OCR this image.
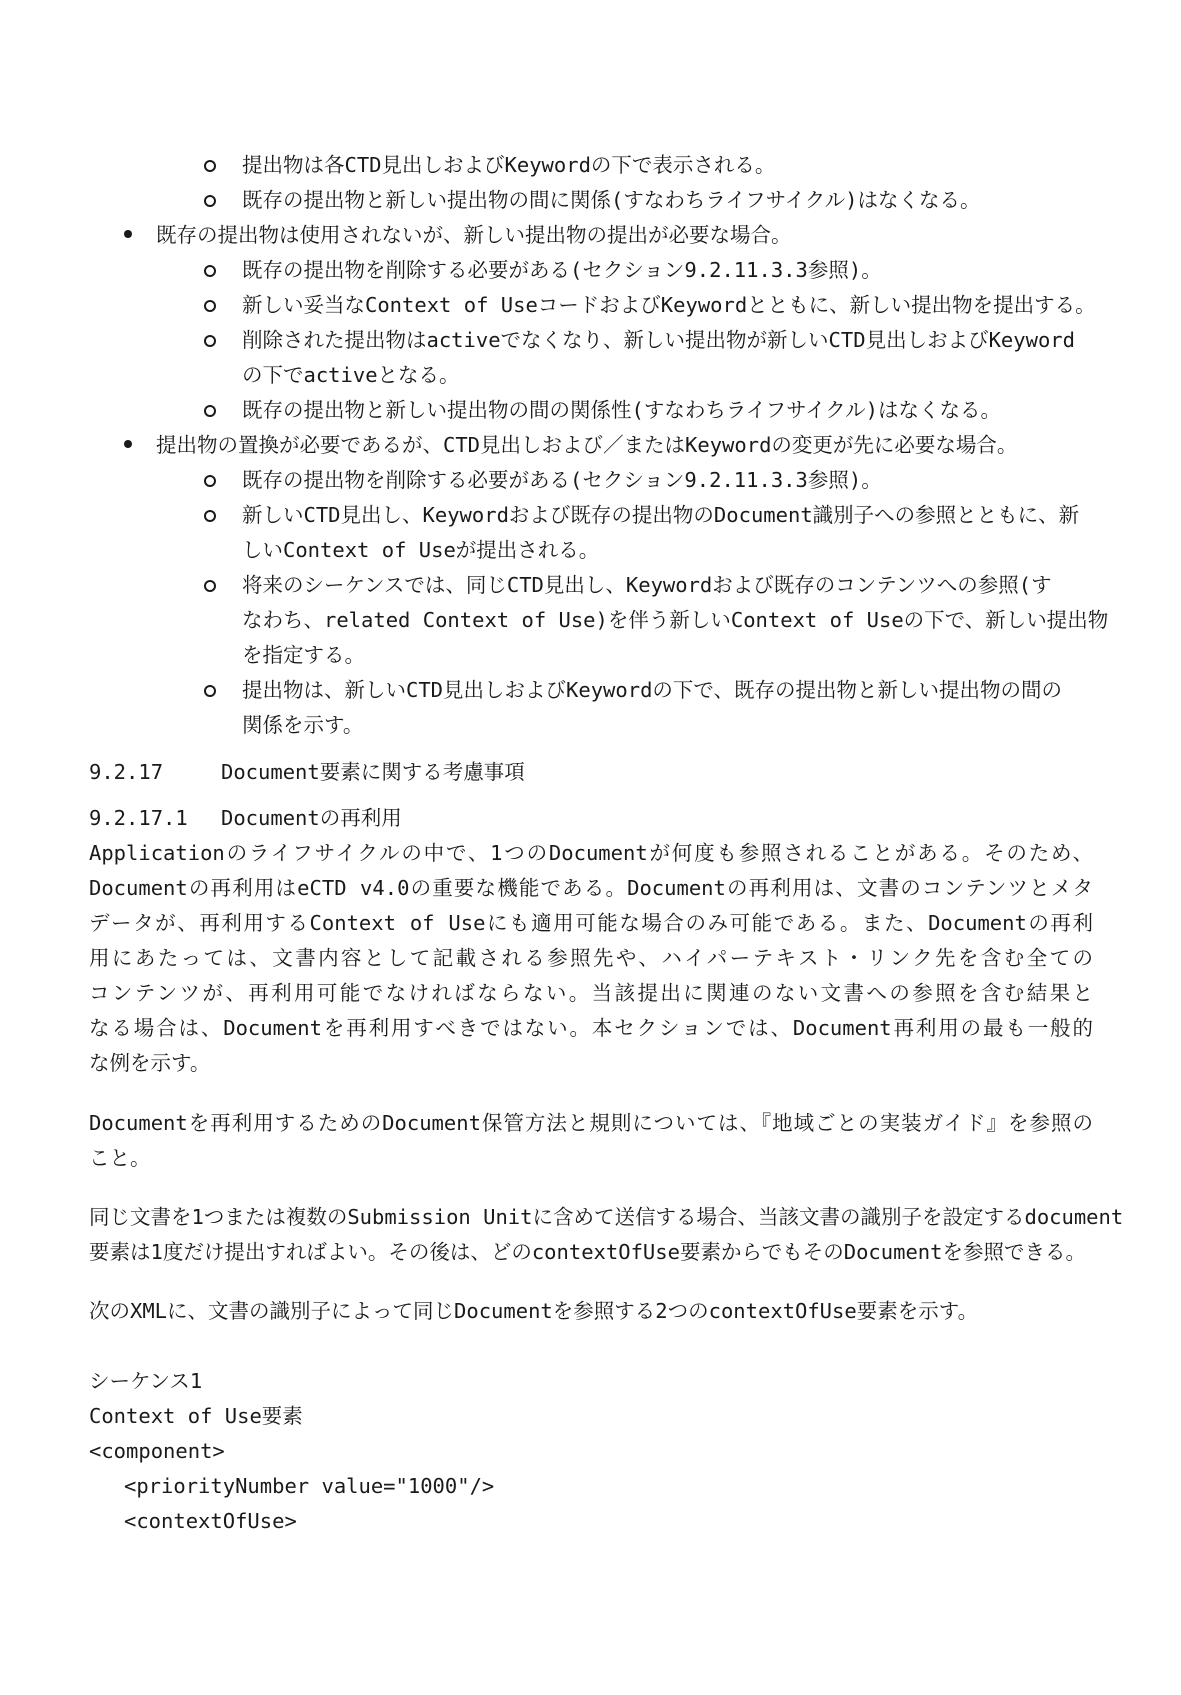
提出物は各CTD見出しおよびKeywordの下で表示される。
既存の提出物と新しい提出物の間に関係(すなわちライフサイクル)はなくなる。
既存の提出物は使用されないが、新しい提出物の提出が必要な場合。
既存の提出物を削除する必要がある(セクション9.2.11.3.3参照)。
新しい妥当なContext of UseコードおよびKeywordとともに、新しい提出物を提出する。
削除された提出物はactiveでなくなり、新しい提出物が新しいCTD見出しおよびKeyword
の下でactiveとなる。
既存の提出物と新しい提出物の間の関係性(すなわちライフサイクル)はなくなる。
提出物の置換が必要であるが、CTD見出しおよび／またはKeywordの変更が先に必要な場合。
既存の提出物を削除する必要がある(セクション9.2.11.3.3参照)。
新しいCTD見出し、Keywordおよび既存の提出物のDocument識別子への参照とともに、新
しいContext of Useが提出される。
将来のシーケンスでは、同じCTD見出し、Keywordおよび既存のコンテンツへの参照(す
なわち、related Context of Use)を伴う新しいContext of Useの下で、新しい提出物
を指定する。
提出物は、新しいCTD見出しおよびKeywordの下で、既存の提出物と新しい提出物の間の
関係を示す。
9.2.17	Document要素に関する考慮事項
9.2.17.1 Documentの再利用
Applicationのライフサイクルの中で、1つのDocumentが何度も参照されることがある。そのため、
Documentの再利用はeCTD v4.0の重要な機能である。Documentの再利用は、文書のコンテンツとメタ
データが、再利用するContext of Useにも適用可能な場合のみ可能である。また、Documentの再利
用にあたっては、文書内容として記載される参照先や、ハイパーテキスト・リンク先を含む全ての
コンテンツが、再利用可能でなければならない。当該提出に関連のない文書への参照を含む結果と
なる場合は、Documentを再利用すべきではない。本セクションでは、Document再利用の最も一般的
な例を示す。
Documentを再利用するためのDocument保管方法と規則については、『地域ごとの実装ガイド』を参照の
こと。
同じ文書を1つまたは複数のSubmission Unitに含めて送信する場合、当該文書の識別子を設定するdocument
要素は1度だけ提出すればよい。その後は、どのcontextOfUse要素からでもそのDocumentを参照できる。
次のXMLに、文書の識別子によって同じDocumentを参照する2つのcontextOfUse要素を示す。
シーケンス1
Context of Use要素
<component>
<priorityNumber value="1000"/>
<contextOfUse>
